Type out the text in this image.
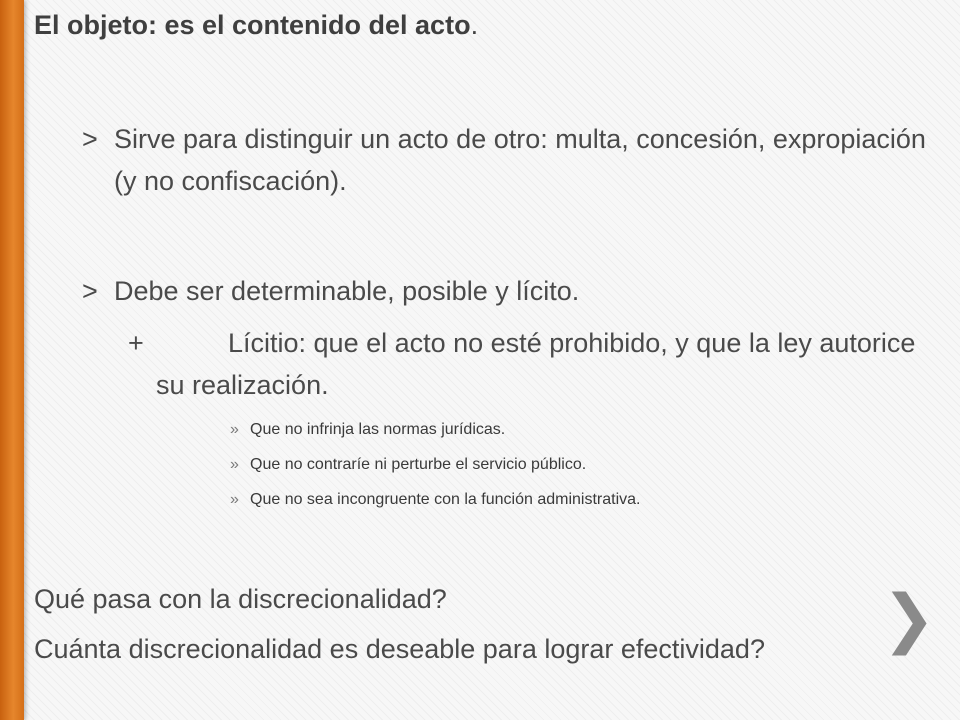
El objeto: es el contenido del acto.
> Sirve para distinguir un acto de otro: multa, concesión, expropiación (y no confiscación).
> Debe ser determinable, posible y lícito.
+	Lícitio: que el acto no esté prohibido, y que la ley autorice su realización.
» Que no infrinja las normas jurídicas.
» Que no contraríe ni perturbe el servicio público.
» Que no sea incongruente con la función administrativa.
Qué pasa con la discrecionalidad?
Cuánta discrecionalidad es deseable para lograr efectividad? ❯
